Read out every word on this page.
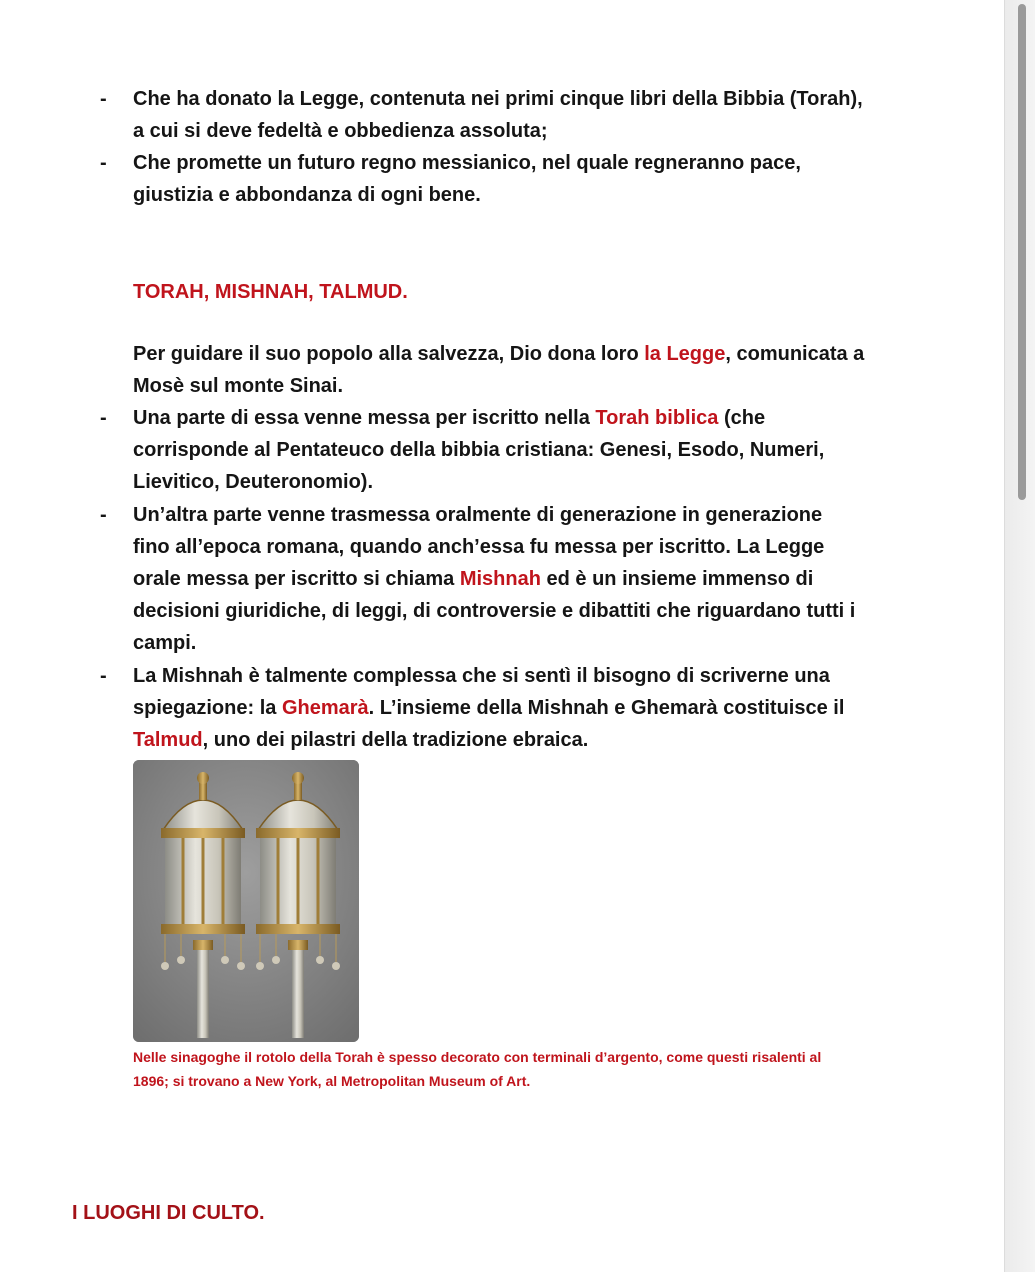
- Che ha donato la Legge, contenuta nei primi cinque libri della Bibbia (Torah),
a cui si deve fedeltà e obbedienza assoluta;
- Che promette un futuro regno messianico, nel quale regneranno pace,
giustizia e abbondanza di ogni bene.
TORAH, MISHNAH, TALMUD.
Per guidare il suo popolo alla salvezza, Dio dona loro la Legge, comunicata a
Mosè sul monte Sinai.
- Una parte di essa venne messa per iscritto nella Torah biblica (che
corrisponde al Pentateuco della bibbia cristiana: Genesi, Esodo, Numeri,
Lievitico, Deuteronomio).
- Un’altra parte venne trasmessa oralmente di generazione in generazione
fino all’epoca romana, quando anch’essa fu messa per iscritto. La Legge
orale messa per iscritto si chiama Mishnah ed è un insieme immenso di
decisioni giuridiche, di leggi, di controversie e dibattiti che riguardano tutti i
campi.
- La Mishnah è talmente complessa che si sentì il bisogno di scriverne una
spiegazione: la Ghemarà. L’insieme della Mishnah e Ghemarà costituisce il
Talmud, uno dei pilastri della tradizione ebraica.
Nelle sinagoghe il rotolo della Torah è spesso decorato con terminali d’argento, come questi risalenti al
1896; si trovano a New York, al Metropolitan Museum of Art.
I LUOGHI DI CULTO.
